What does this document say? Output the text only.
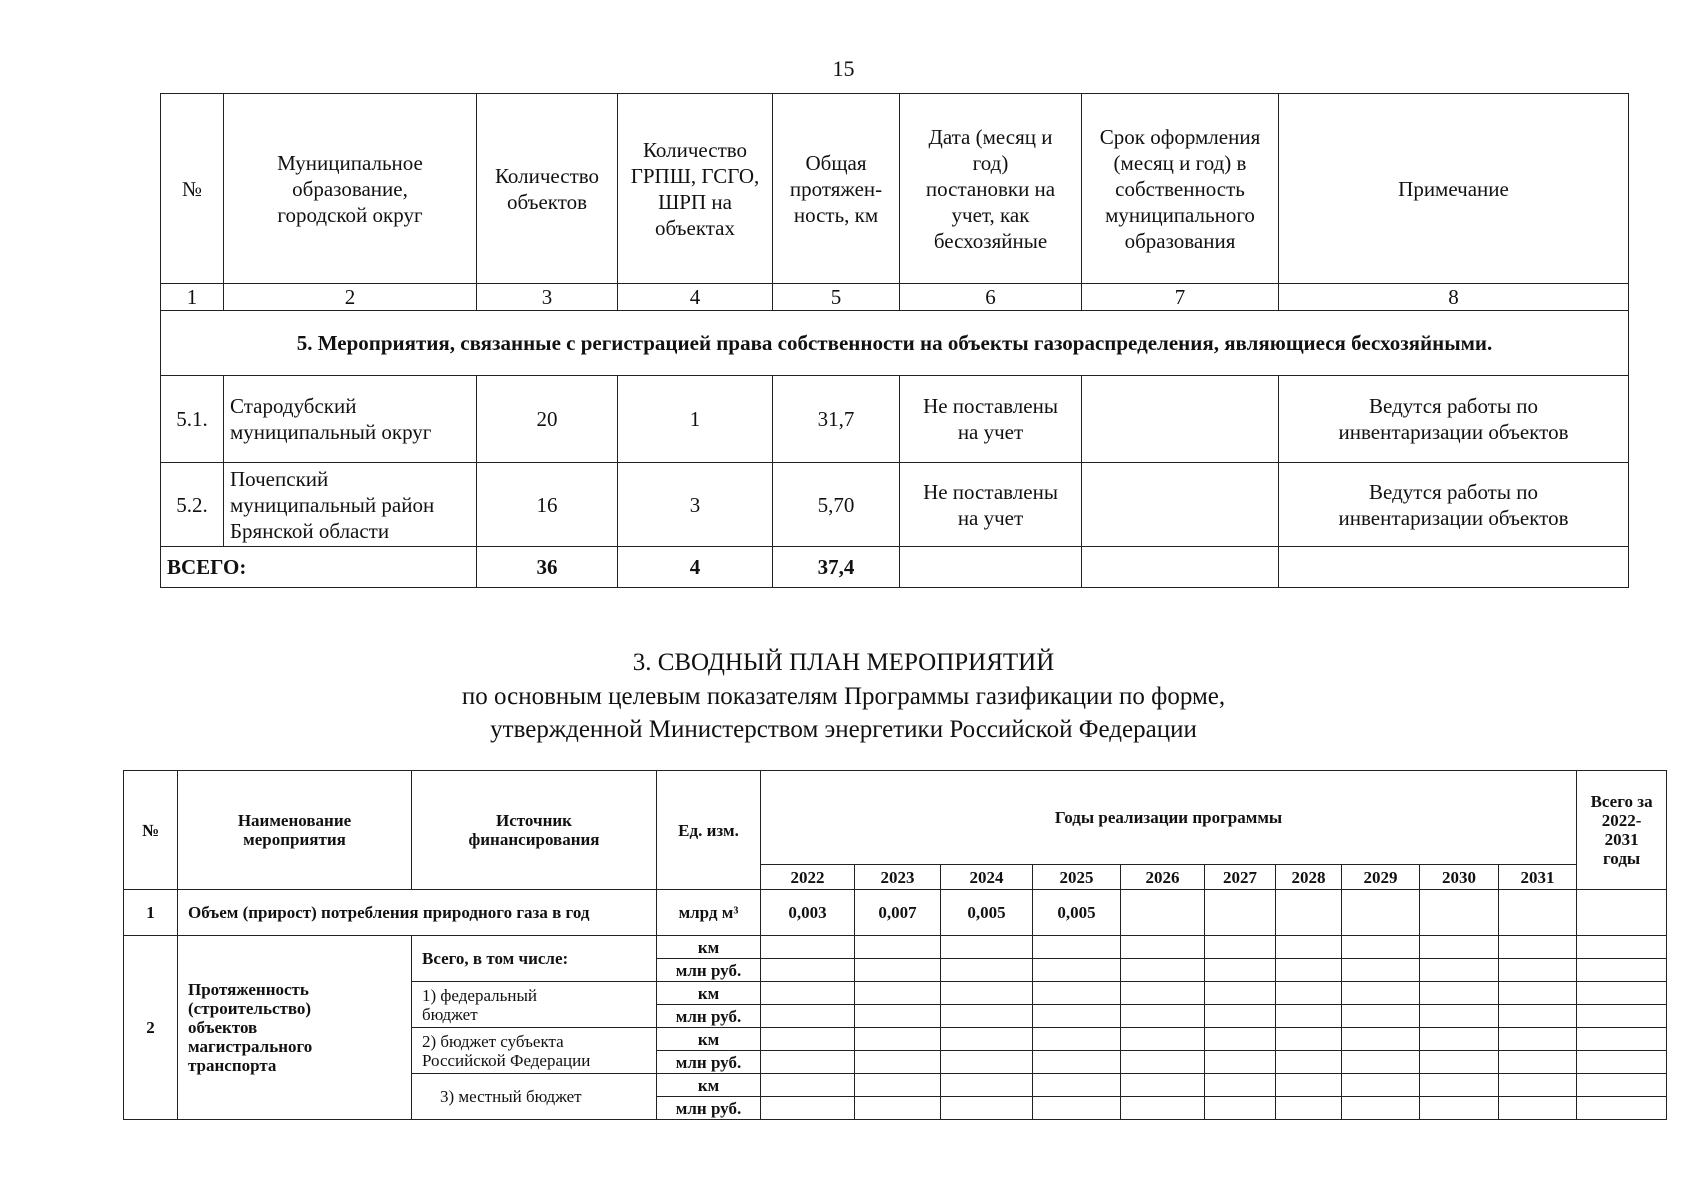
15
№	Муниципальное образование, городской округ	Количество объектов	Количество ГРПШ, ГСГО, ШРП на объектах	Общая протяжен-ность, км	Дата (месяц и год) постановки на учет, как бесхозяйные	Срок оформления (месяц и год) в собственность муниципального образования	Примечание
1	2	3	4	5	6	7	8
5. Мероприятия, связанные с регистрацией права собственности на объекты газораспределения, являющиеся бесхозяйными.							
5.1.	Стародубский муниципальный округ	20	1	31,7	Не поставлены на учет		Ведутся работы по инвентаризации объектов
5.2.	Почепский муниципальный район Брянской области	16	3	5,70	Не поставлены на учет		Ведутся работы по инвентаризации объектов
ВСЕГО:		36	4	37,4			
3. СВОДНЫЙ ПЛАН МЕРОПРИЯТИЙ
по основным целевым показателям Программы газификации по форме,
утвержденной Министерством энергетики Российской Федерации
№	Наименование мероприятия	Источник финансирования	Ед. изм.	Годы реализации программы										Всего за 2022-2031 годы
				2022	2023	2024	2025	2026	2027	2028	2029	2030	2031	
1	Объем (прирост) потребления природного газа в год		млрд м³	0,003	0,007	0,005	0,005							
2	Протяженность (строительство) объектов магистрального транспорта	Всего, в том числе:	км											
			млн руб.											
		1) федеральный бюджет	км											
			млн руб.											
		2) бюджет субъекта Российской Федерации	км											
			млн руб.											
		3) местный бюджет	км											
			млн руб.											
